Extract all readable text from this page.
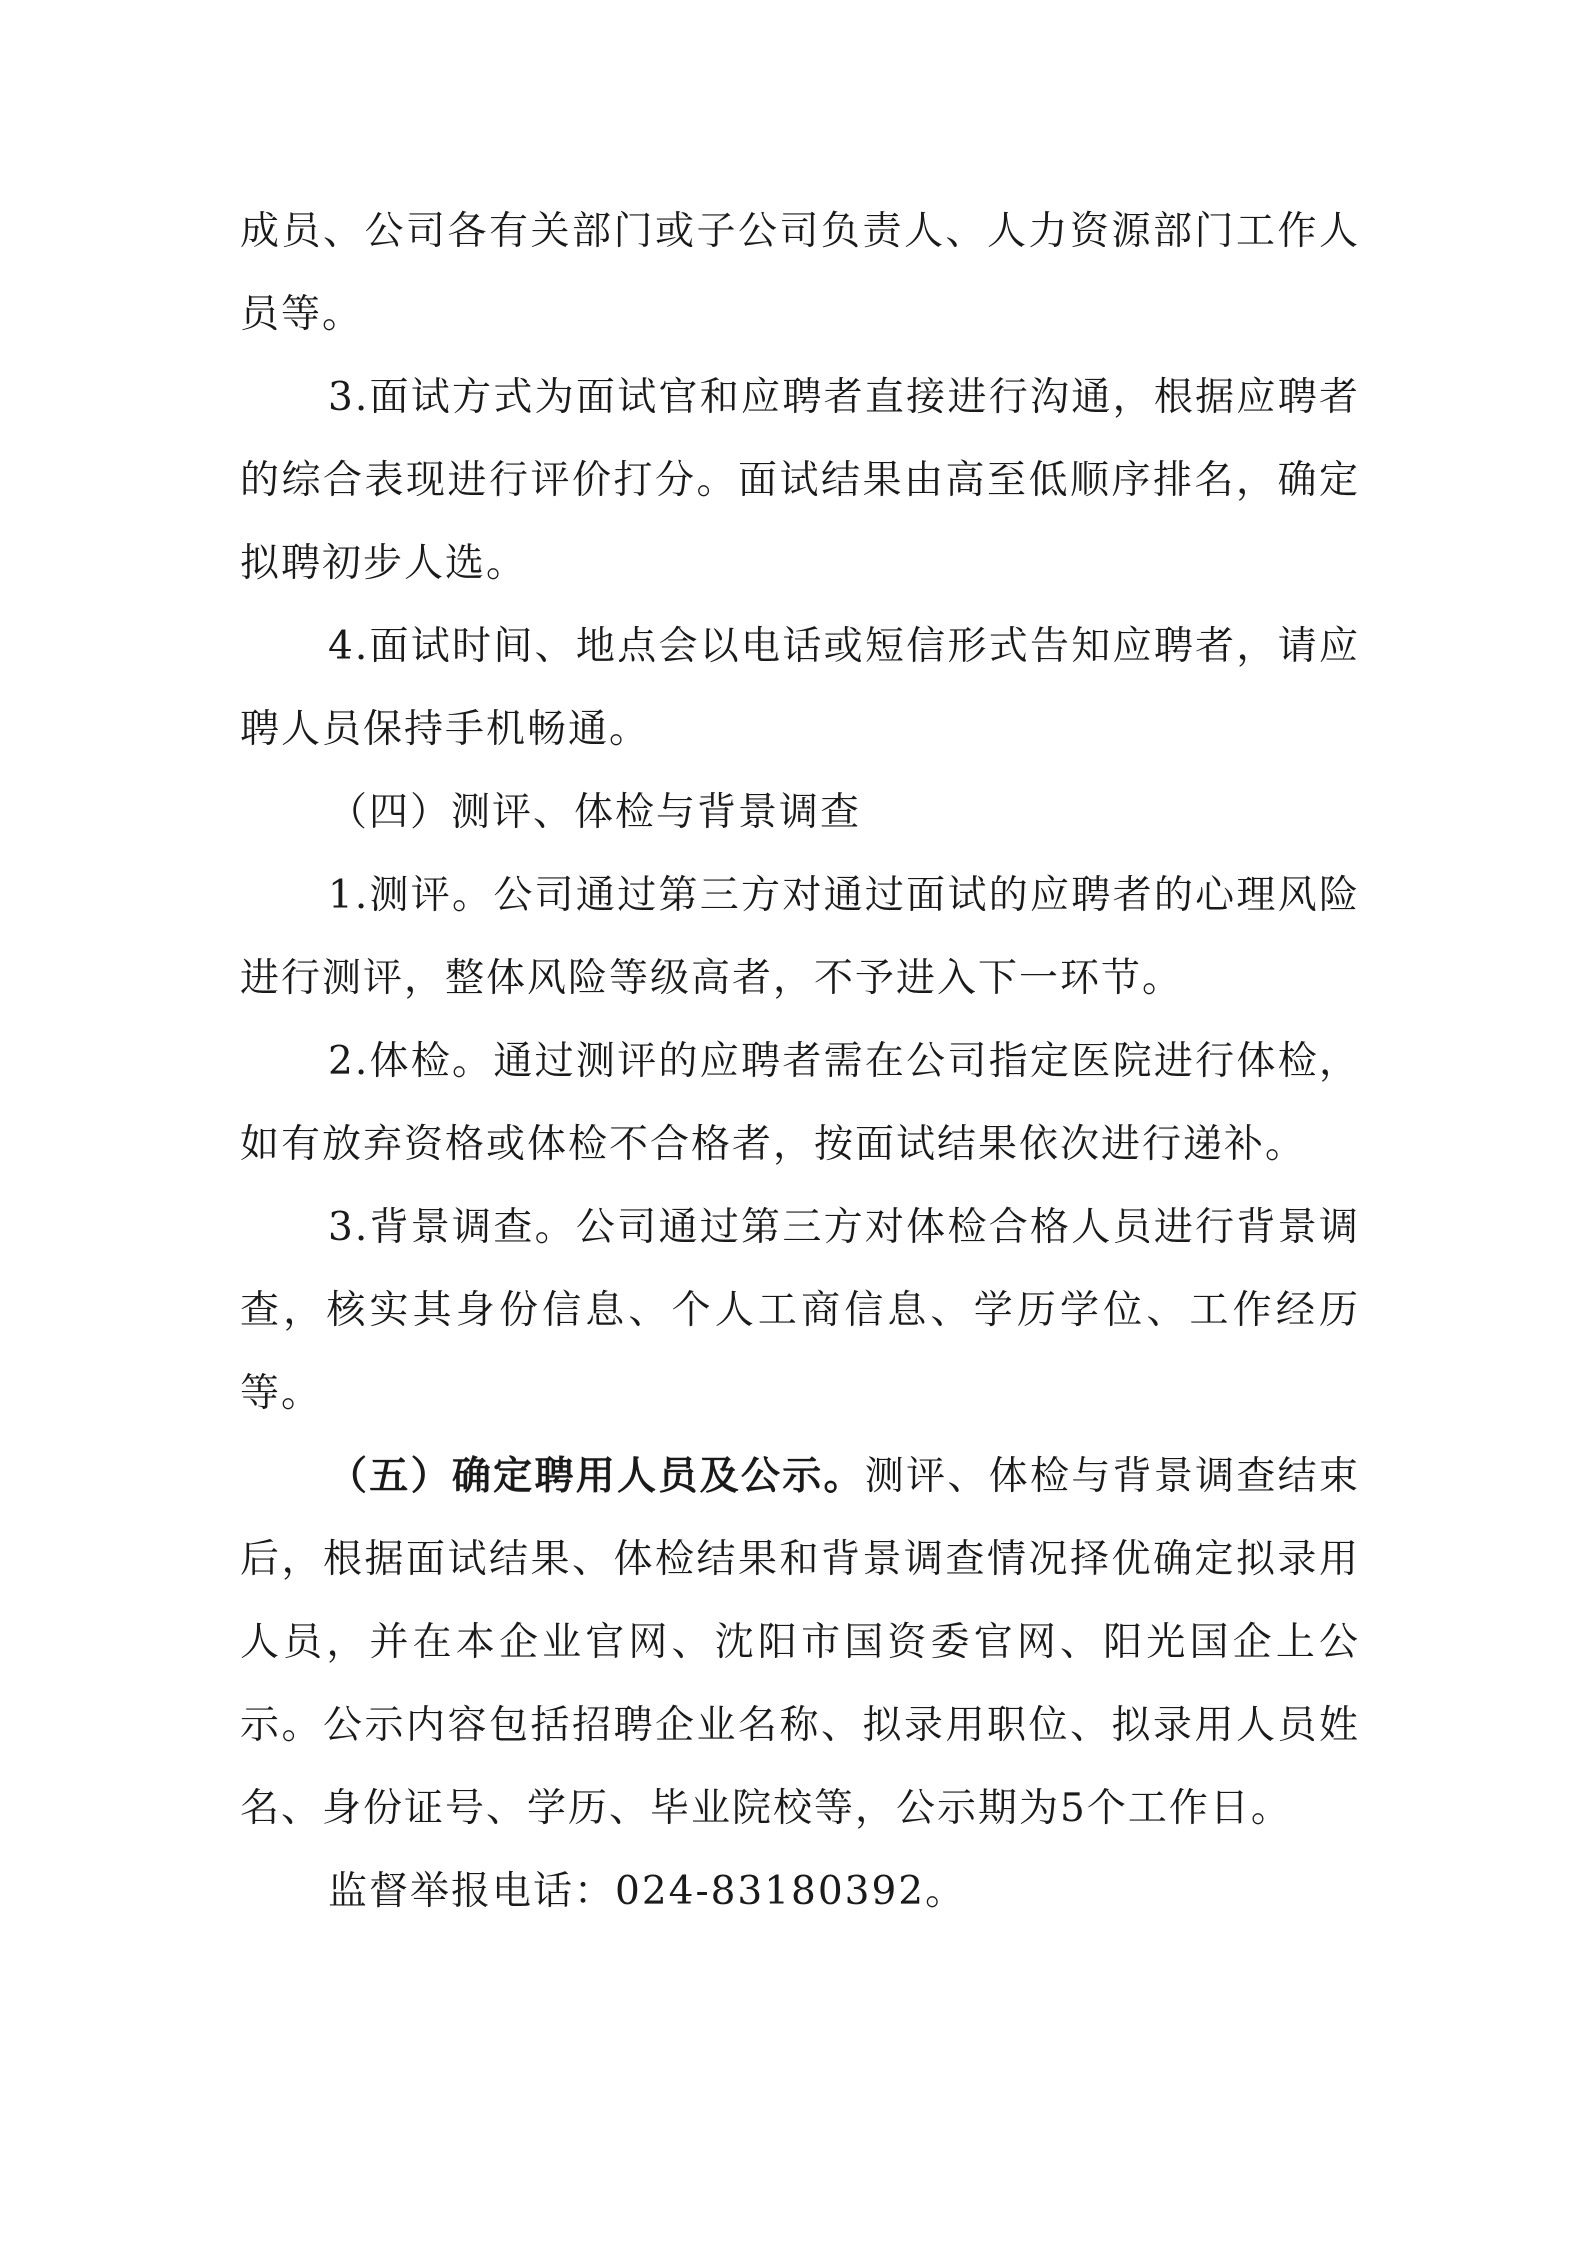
成员、公司各有关部门或子公司负责人、人力资源部门工作人员等。

3.面试方式为面试官和应聘者直接进行沟通，根据应聘者的综合表现进行评价打分。面试结果由高至低顺序排名，确定拟聘初步人选。

4.面试时间、地点会以电话或短信形式告知应聘者，请应聘人员保持手机畅通。

（四）测评、体检与背景调查

1.测评。公司通过第三方对通过面试的应聘者的心理风险进行测评，整体风险等级高者，不予进入下一环节。

2.体检。通过测评的应聘者需在公司指定医院进行体检，如有放弃资格或体检不合格者，按面试结果依次进行递补。

3.背景调查。公司通过第三方对体检合格人员进行背景调查，核实其身份信息、个人工商信息、学历学位、工作经历等。

（五）确定聘用人员及公示。测评、体检与背景调查结束后，根据面试结果、体检结果和背景调查情况择优确定拟录用人员，并在本企业官网、沈阳市国资委官网、阳光国企上公示。公示内容包括招聘企业名称、拟录用职位、拟录用人员姓名、身份证号、学历、毕业院校等，公示期为5个工作日。

监督举报电话：024-83180392。
